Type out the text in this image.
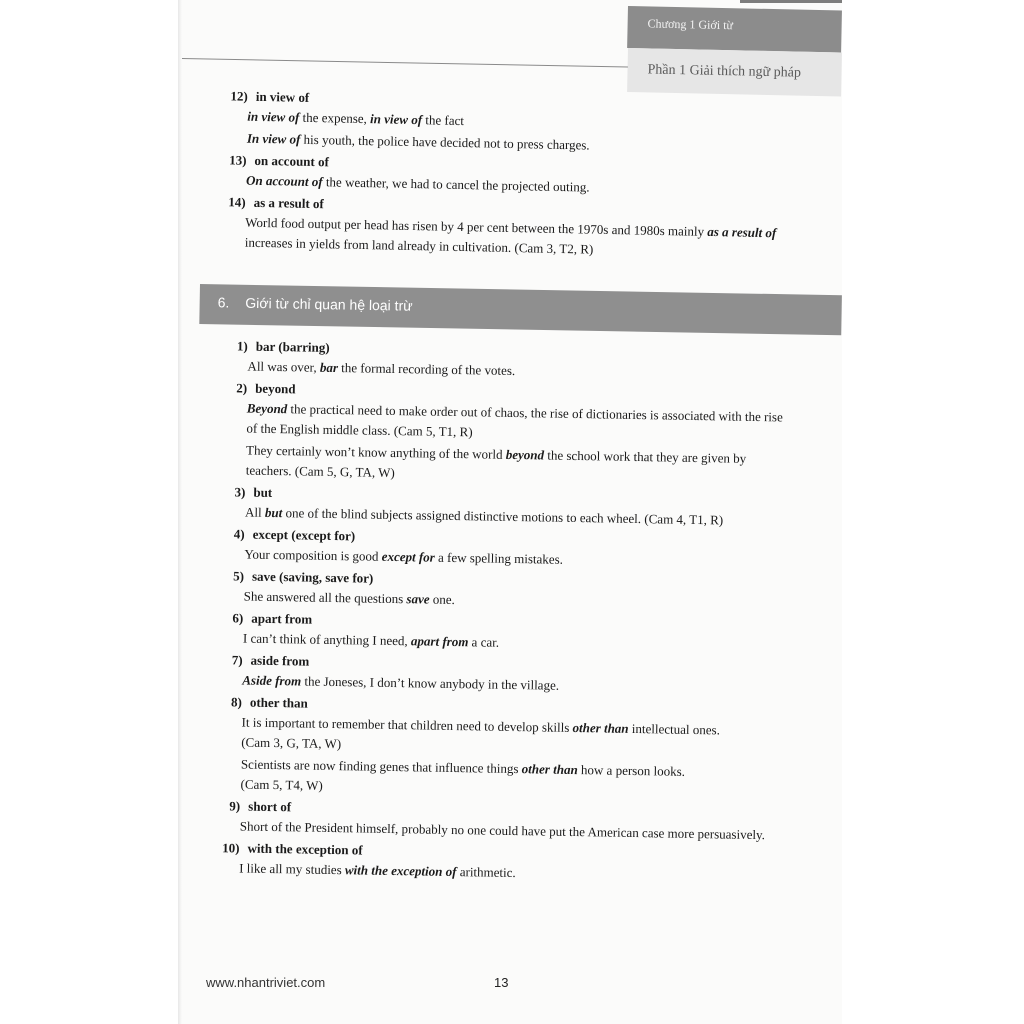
Chương 1 Giới từ
Phần 1 Giải thích ngữ pháp
12) in view of
in view of the expense, in view of the fact
In view of his youth, the police have decided not to press charges.
13) on account of
On account of the weather, we had to cancel the projected outing.
14) as a result of
World food output per head has risen by 4 per cent between the 1970s and 1980s mainly as a result of increases in yields from land already in cultivation. (Cam 3, T2, R)
6. Giới từ chỉ quan hệ loại trừ
1) bar (barring)
All was over, bar the formal recording of the votes.
2) beyond
Beyond the practical need to make order out of chaos, the rise of dictionaries is associated with the rise of the English middle class. (Cam 5, T1, R)
They certainly won’t know anything of the world beyond the school work that they are given by teachers. (Cam 5, G, TA, W)
3) but
All but one of the blind subjects assigned distinctive motions to each wheel. (Cam 4, T1, R)
4) except (except for)
Your composition is good except for a few spelling mistakes.
5) save (saving, save for)
She answered all the questions save one.
6) apart from
I can’t think of anything I need, apart from a car.
7) aside from
Aside from the Joneses, I don’t know anybody in the village.
8) other than
It is important to remember that children need to develop skills other than intellectual ones.
(Cam 3, G, TA, W)
Scientists are now finding genes that influence things other than how a person looks.
(Cam 5, T4, W)
9) short of
Short of the President himself, probably no one could have put the American case more persuasively.
10) with the exception of
I like all my studies with the exception of arithmetic.
www.nhantriviet.com	13
